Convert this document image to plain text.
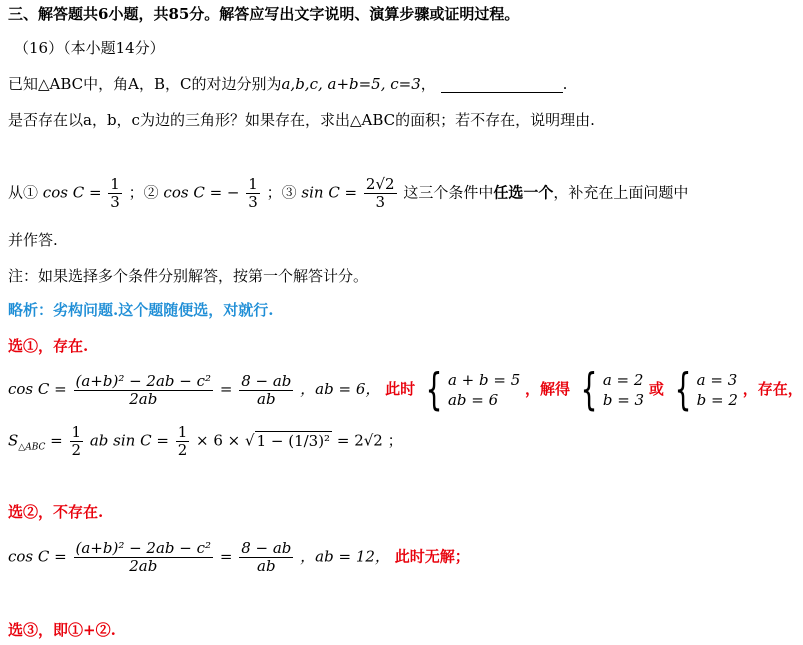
三、解答题共6小题，共85分。解答应写出文字说明、演算步骤或证明过程。
（16）（本小题14分）
已知△ABC中，角A，B，C的对边分别为a,b,c, a+b=5, c=3，	.
是否存在以a，b，c为边的三角形？如果存在，求出△ABC的面积；若不存在，说明理由.
从① $\cos C = \frac{1}{3}$ ；② cos C = − $\frac{1}{3}$ ；③ $\sin C = \frac{2√2}{3}$ 这三个条件中任选一个，补充在上面问题中
并作答.
注：如果选择多个条件分别解答，按第一个解答计分。
略析：劣构问题.这个题随便选，对就行.
选①，存在.
$\cos C = \frac{\text{(a+b)² − 2ab − c²}}{2ab} = \frac{8 - ab}{ab}$ ，ab = 6， 此时 { a + b = 5
ab = 6
，解得 { a = 2
b = 3
或 { a = 3
b = 2
，存在，
$S_{\triangle ABC} = \frac{1}{2}$ ab $\sin C = \frac{1}{2} \times 6$ × √ 1 − (1/3)² = 2√2 ；
选②，不存在.
$\cos C = \frac{\text{(a+b)² − 2ab − c²}}{2ab} = \frac{8 - ab}{ab}$ ，ab = 12， 此时无解；
选③，即①+②.
